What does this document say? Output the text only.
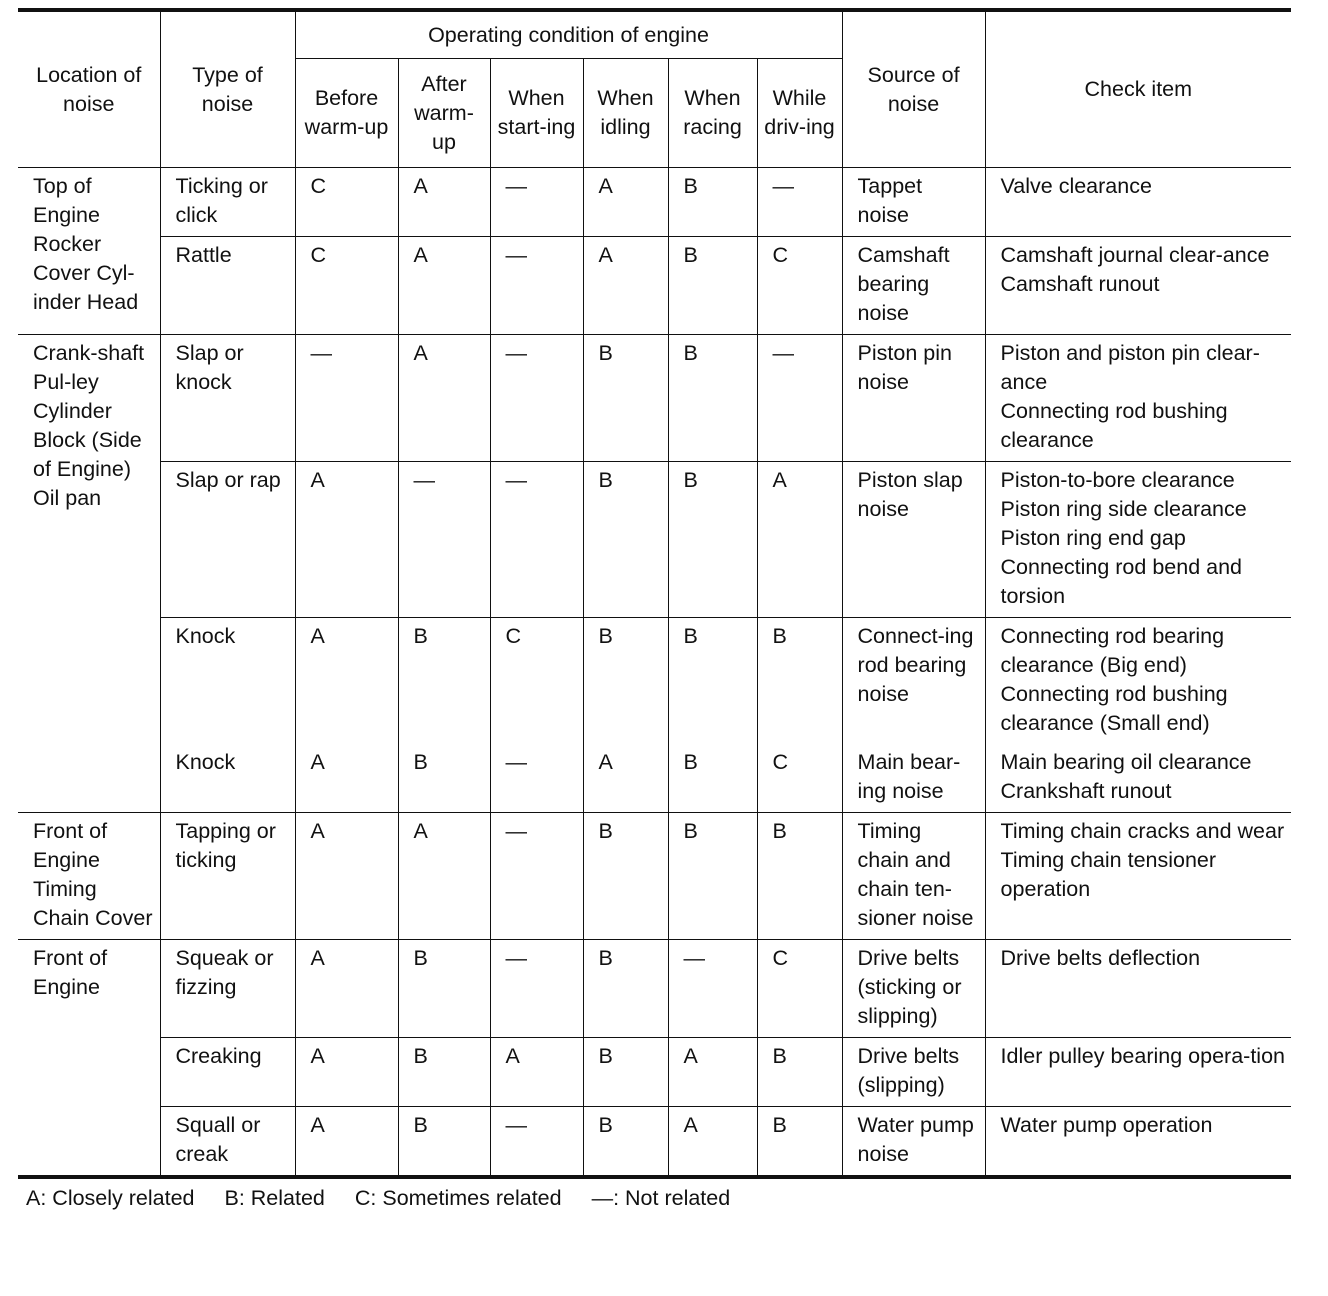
Location of noise	Type of noise	Operating condition of engine						Source of noise	Check item
		Before warm-up	After warm-up	When start-ing	When idling	When racing	While driv-ing		
Top of Engine Rocker Cover Cyl-inder Head	Ticking or click	C	A	—	A	B	—	Tappet noise	Valve clearance
	Rattle	C	A	—	A	B	C	Camshaft bearing noise	Camshaft journal clear-ance
Camshaft runout
Crank-shaft Pul-ley Cylinder Block (Side of Engine) Oil pan	Slap or knock	—	A	—	B	B	—	Piston pin noise	Piston and piston pin clear-ance
Connecting rod bushing clearance
	Slap or rap	A	—	—	B	B	A	Piston slap noise	Piston-to-bore clearance
Piston ring side clearance
Piston ring end gap
Connecting rod bend and torsion
	Knock	A	B	C	B	B	B	Connect-ing rod bearing noise	Connecting rod bearing clearance (Big end)
Connecting rod bushing clearance (Small end)
	Knock	A	B	—	A	B	C	Main bear-ing noise	Main bearing oil clearance
Crankshaft runout
Front of Engine Timing Chain Cover	Tapping or ticking	A	A	—	B	B	B	Timing chain and chain ten-sioner noise	Timing chain cracks and wear
Timing chain tensioner operation
Front of Engine	Squeak or fizzing	A	B	—	B	—	C	Drive belts (sticking or slipping)	Drive belts deflection
	Creaking	A	B	A	B	A	B	Drive belts (slipping)	Idler pulley bearing opera-tion
	Squall or creak	A	B	—	B	A	B	Water pump noise	Water pump operation
A: Closely related B: Related C: Sometimes related —: Not related
